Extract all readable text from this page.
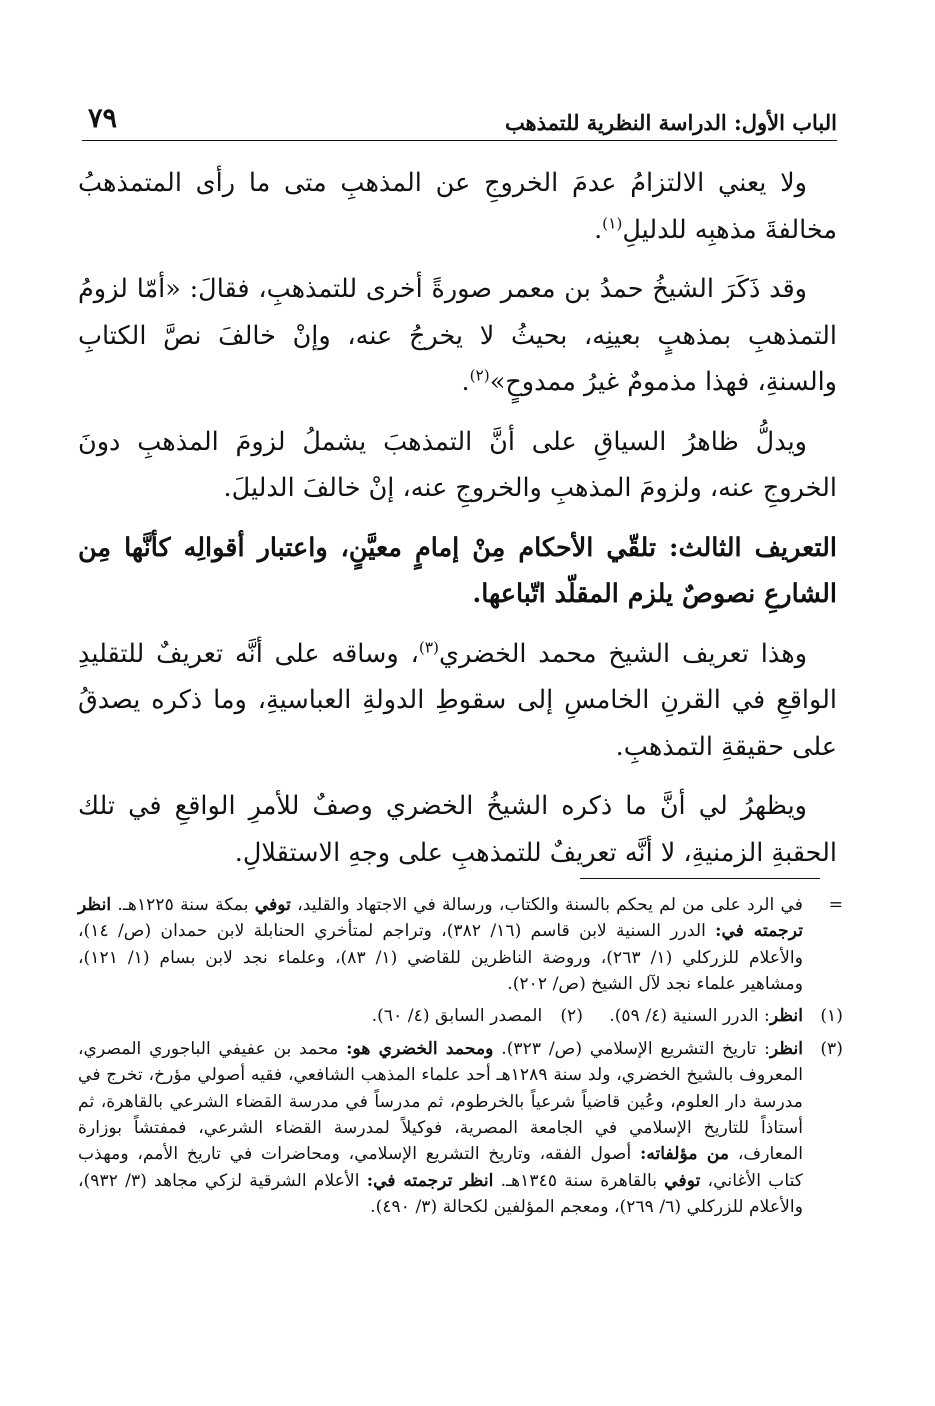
الباب الأول: الدراسة النظرية للتمذهب
٧٩

ولا يعني الالتزامُ عدمَ الخروجِ عن المذهبِ متى ما رأى المتمذهبُ مخالفةَ مذهبِه للدليلِ$^{(١)}$.

وقد ذَكَرَ الشيخُ حمدُ بن معمر صورةً أخرى للتمذهبِ، فقالَ: «أمّا لزومُ التمذهبِ بمذهبٍ بعينِه، بحيثُ لا يخرجُ عنه، وإنْ خالفَ نصَّ الكتابِ والسنةِ، فهذا مذمومٌ غيرُ ممدوحٍ»$^{(٢)}$.

ويدلُّ ظاهرُ السياقِ على أنَّ التمذهبَ يشملُ لزومَ المذهبِ دونَ الخروجِ عنه، ولزومَ المذهبِ والخروجِ عنه، إنْ خالفَ الدليلَ.

التعريف الثالث: تلقّي الأحكام مِنْ إمامٍ معيَّنٍ، واعتبار أقوالِه كأنَّها مِن الشارعِ نصوصٌ يلزم المقلّد اتّباعها.

وهذا تعريف الشيخ محمد الخضري$^{(٣)}$، وساقه على أنَّه تعريفٌ للتقليدِ الواقعِ في القرنِ الخامسِ إلى سقوطِ الدولةِ العباسيةِ، وما ذكره يصدقُ على حقيقةِ التمذهبِ.

ويظهرُ لي أنَّ ما ذكره الشيخُ الخضري وصفٌ للأمرِ الواقعِ في تلك الحقبةِ الزمنيةِ، لا أنَّه تعريفٌ للتمذهبِ على وجهِ الاستقلالِ.

=
في الرد على من لم يحكم بالسنة والكتاب، ورسالة في الاجتهاد والقليد، توفي بمكة سنة ١٢٢٥هـ. انظر ترجمته في: الدرر السنية لابن قاسم (١٦/ ٣٨٢)، وتراجم لمتأخري الحنابلة لابن حمدان (ص/ ١٤)، والأعلام للزركلي (١/ ٢٦٣)، وروضة الناظرين للقاضي (١/ ٨٣)، وعلماء نجد لابن بسام (١/ ١٢١)، ومشاهير علماء نجد لآل الشيخ (ص/ ٢٠٢).
(١)
انظر: الدرر السنية (٤/ ٥٩).
(٢)المصدر السابق (٤/ ٦٠).
(٣)
انظر: تاريخ التشريع الإسلامي (ص/ ٣٢٣). ومحمد الخضري هو: محمد بن عفيفي الباجوري المصري، المعروف بالشيخ الخضري، ولد سنة ١٢٨٩هـ أحد علماء المذهب الشافعي، فقيه أصولي مؤرخ، تخرج في مدرسة دار العلوم، وعُين قاضياً شرعياً بالخرطوم، ثم مدرساً في مدرسة القضاء الشرعي بالقاهرة، ثم أستاذاً للتاريخ الإسلامي في الجامعة المصرية، فوكيلاً لمدرسة القضاء الشرعي، فمفتشاً بوزارة المعارف، من مؤلفاته: أصول الفقه، وتاريخ التشريع الإسلامي، ومحاضرات في تاريخ الأمم، ومهذب كتاب الأغاني، توفي بالقاهرة سنة ١٣٤٥هـ. انظر ترجمته في: الأعلام الشرقية لزكي مجاهد (٣/ ٩٣٢)، والأعلام للزركلي (٦/ ٢٦٩)، ومعجم المؤلفين لكحالة (٣/ ٤٩٠).
